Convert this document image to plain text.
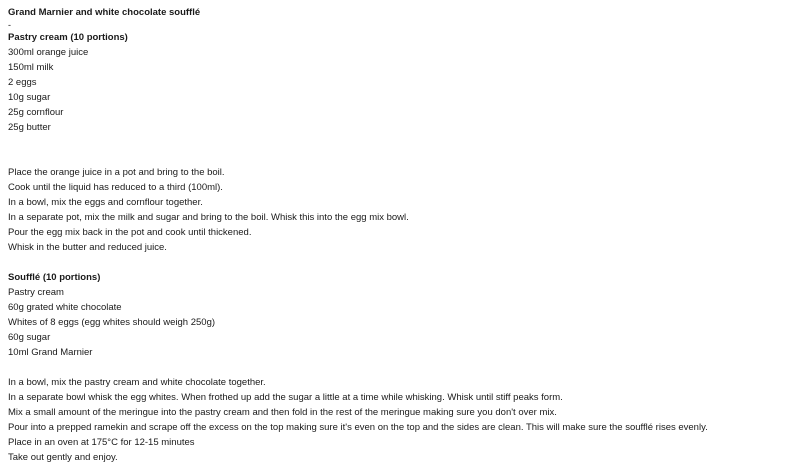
Grand Marnier and white chocolate soufflé
-
Pastry cream (10 portions)
300ml orange juice
150ml milk
2 eggs
10g sugar
25g cornflour
25g butter
Place the orange juice in a pot and bring to the boil.
Cook until the liquid has reduced to a third (100ml).
In a bowl, mix the eggs and cornflour together.
In a separate pot, mix the milk and sugar and bring to the boil. Whisk this into the egg mix bowl.
Pour the egg mix back in the pot and cook until thickened.
Whisk in the butter and reduced juice.
Soufflé (10 portions)
Pastry cream
60g grated white chocolate
Whites of 8 eggs (egg whites should weigh 250g)
60g sugar
10ml Grand Marnier
In a bowl, mix the pastry cream and white chocolate together.
In a separate bowl whisk the egg whites. When frothed up add the sugar a little at a time while whisking. Whisk until stiff peaks form.
Mix a small amount of the meringue into the pastry cream and then fold in the rest of the meringue making sure you don't over mix.
Pour into a prepped ramekin and scrape off the excess on the top making sure it's even on the top and the sides are clean. This will make sure the soufflé rises evenly.
Place in an oven at 175°C for 12-15 minutes
Take out gently and enjoy.
